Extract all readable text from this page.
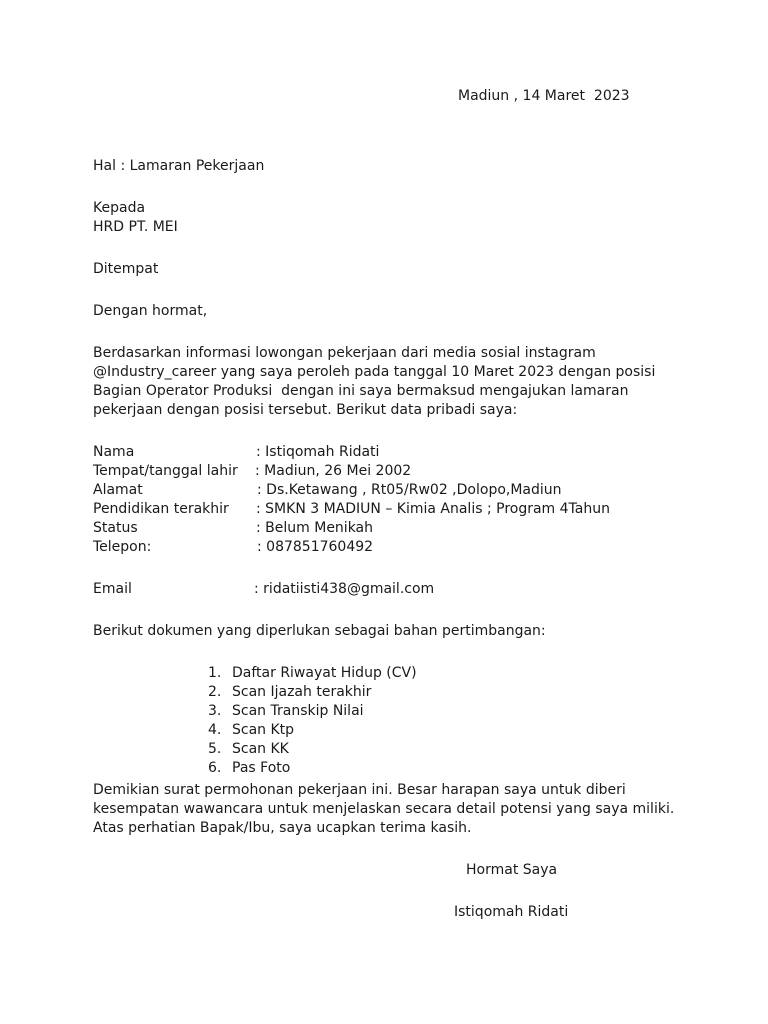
Madiun , 14 Maret  2023
Hal : Lamaran Pekerjaan
Kepada
HRD PT. MEI
Ditempat
Dengan hormat,
Berdasarkan informasi lowongan pekerjaan dari media sosial instagram
@Industry_career yang saya peroleh pada tanggal 10 Maret 2023 dengan posisi
Bagian Operator Produksi  dengan ini saya bermaksud mengajukan lamaran
pekerjaan dengan posisi tersebut. Berikut data pribadi saya:

Nama

	: Istiqomah Ridati

Tempat/tanggal lahir

: Madiun, 26 Mei 2002

Alamat

	: Ds.Ketawang , Rt05/Rw02 ,Dolopo,Madiun

Pendidikan terakhir

: SMKN 3 MADIUN – Kimia Analis ; Program 4Tahun

Status

	: Belum Menikah

Telepon:

	: 087851760492

Email

	: ridatiisti438@gmail.com

Berikut dokumen yang diperlukan sebagai bahan pertimbangan:

1.

Daftar Riwayat Hidup (CV)

2.

Scan Ijazah terakhir

3.

Scan Transkip Nilai

4.

Scan Ktp

5.

Scan KK

6.

Pas Foto

Demikian surat permohonan pekerjaan ini. Besar harapan saya untuk diberi
kesempatan wawancara untuk menjelaskan secara detail potensi yang saya miliki.
Atas perhatian Bapak/Ibu, saya ucapkan terima kasih.
Hormat Saya
Istiqomah Ridati
